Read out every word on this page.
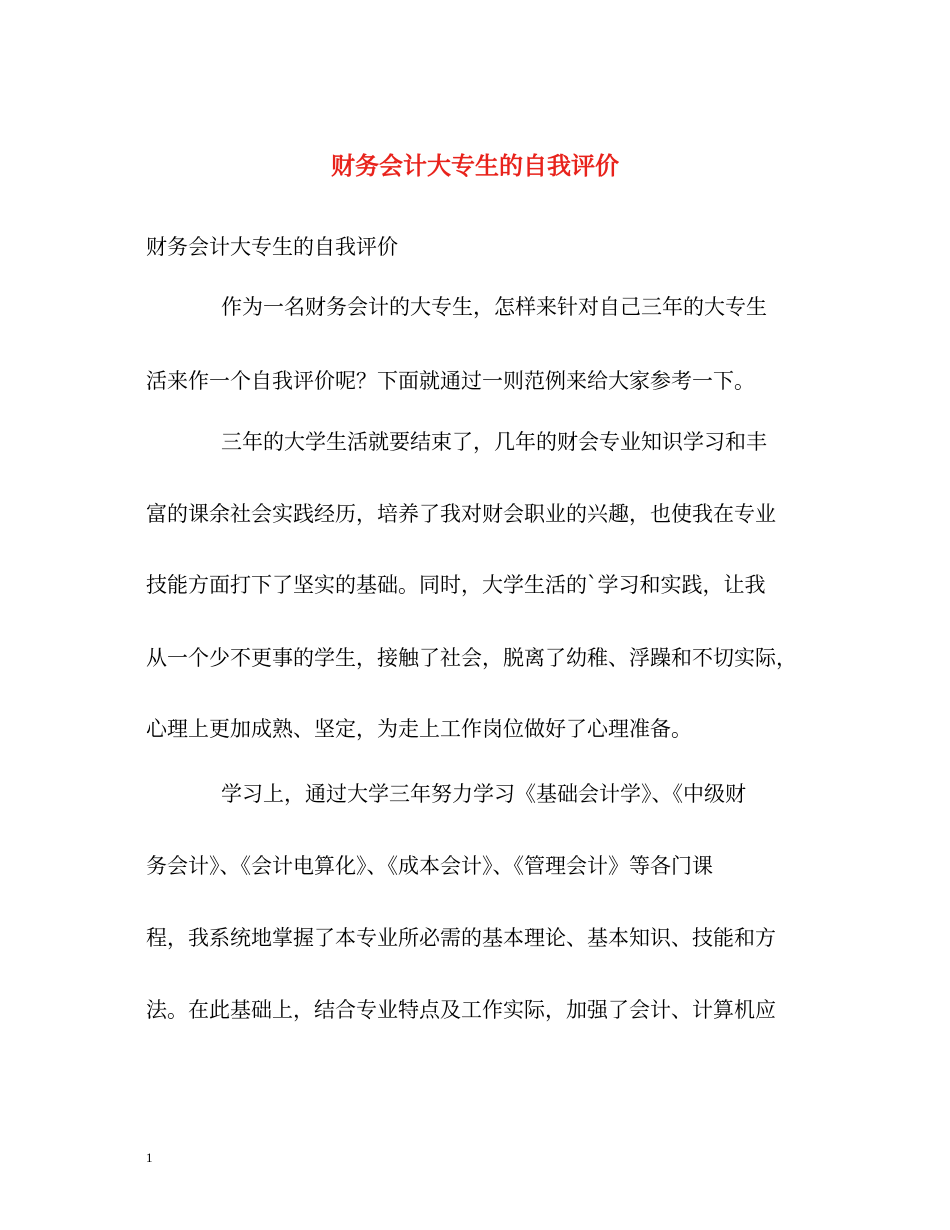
财务会计大专生的自我评价
财务会计大专生的自我评价
作为一名财务会计的大专生，怎样来针对自己三年的大专生
活来作一个自我评价呢？下面就通过一则范例来给大家参考一下。
三年的大学生活就要结束了，几年的财会专业知识学习和丰
富的课余社会实践经历，培养了我对财会职业的兴趣，也使我在专业
技能方面打下了坚实的基础。同时，大学生活的`学习和实践，让我
从一个少不更事的学生，接触了社会，脱离了幼稚、浮躁和不切实际，
心理上更加成熟、坚定，为走上工作岗位做好了心理准备。
学习上，通过大学三年努力学习《基础会计学》、《中级财
务会计》、《会计电算化》、《成本会计》、《管理会计》等各门课
程，我系统地掌握了本专业所必需的基本理论、基本知识、技能和方
法。在此基础上，结合专业特点及工作实际，加强了会计、计算机应
1
